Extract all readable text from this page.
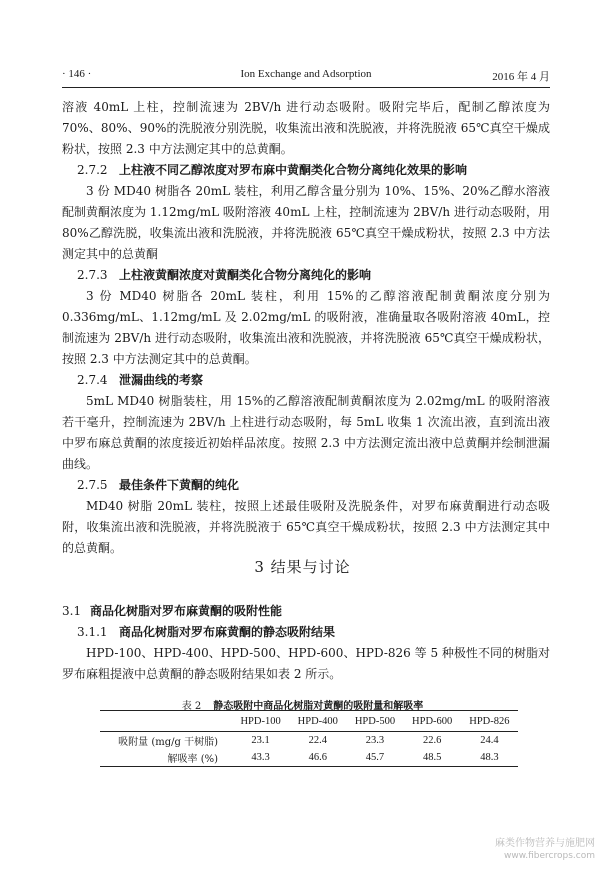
· 146 ·	Ion Exchange and Adsorption	2016 年 4 月

溶液 40mL 上柱，控制流速为 2BV/h 进行动态吸附。吸附完毕后，配制乙醇浓度为 70%、80%、90%的洗脱液分别洗脱，收集流出液和洗脱液，并将洗脱液 65℃真空干燥成粉状，按照 2.3 中方法测定其中的总黄酮。

2.7.2 上柱液不同乙醇浓度对罗布麻中黄酮类化合物分离纯化效果的影响

3 份 MD40 树脂各 20mL 装柱，利用乙醇含量分别为 10%、15%、20%乙醇水溶液配制黄酮浓度为 1.12mg/mL 吸附溶液 40mL 上柱，控制流速为 2BV/h 进行动态吸附，用 80%乙醇洗脱，收集流出液和洗脱液，并将洗脱液 65℃真空干燥成粉状，按照 2.3 中方法测定其中的总黄酮

2.7.3 上柱液黄酮浓度对黄酮类化合物分离纯化的影响

3 份 MD40 树脂各 20mL 装柱，利用 15%的乙醇溶液配制黄酮浓度分别为 0.336mg/mL、1.12mg/mL 及 2.02mg/mL 的吸附液，准确量取各吸附溶液 40mL，控制流速为 2BV/h 进行动态吸附，收集流出液和洗脱液，并将洗脱液 65℃真空干燥成粉状，按照 2.3 中方法测定其中的总黄酮。

2.7.4 泄漏曲线的考察

5mL MD40 树脂装柱，用 15%的乙醇溶液配制黄酮浓度为 2.02mg/mL 的吸附溶液若干毫升，控制流速为 2BV/h 上柱进行动态吸附，每 5mL 收集 1 次流出液，直到流出液中罗布麻总黄酮的浓度接近初始样品浓度。按照 2.3 中方法测定流出液中总黄酮并绘制泄漏曲线。

2.7.5 最佳条件下黄酮的纯化

MD40 树脂 20mL 装柱，按照上述最佳吸附及洗脱条件，对罗布麻黄酮进行动态吸附，收集流出液和洗脱液，并将洗脱液于 65℃真空干燥成粉状，按照 2.3 中方法测定其中的总黄酮。

3 结果与讨论
3.1 商品化树脂对罗布麻黄酮的吸附性能
3.1.1 商品化树脂对罗布麻黄酮的静态吸附结果

HPD-100、HPD-400、HPD-500、HPD-600、HPD-826 等 5 种极性不同的树脂对罗布麻粗提液中总黄酮的静态吸附结果如表 2 所示。

表 2 静态吸附中商品化树脂对黄酮的吸附量和解吸率
	HPD-100	HPD-400	HPD-500	HPD-600	HPD-826
吸附量 (mg/g 干树脂)	23.1	22.4	23.3	22.6	24.4
解吸率 (%)	43.3	46.6	45.7	48.5	48.3
麻类作物营养与施肥网
www.fibercrops.com
